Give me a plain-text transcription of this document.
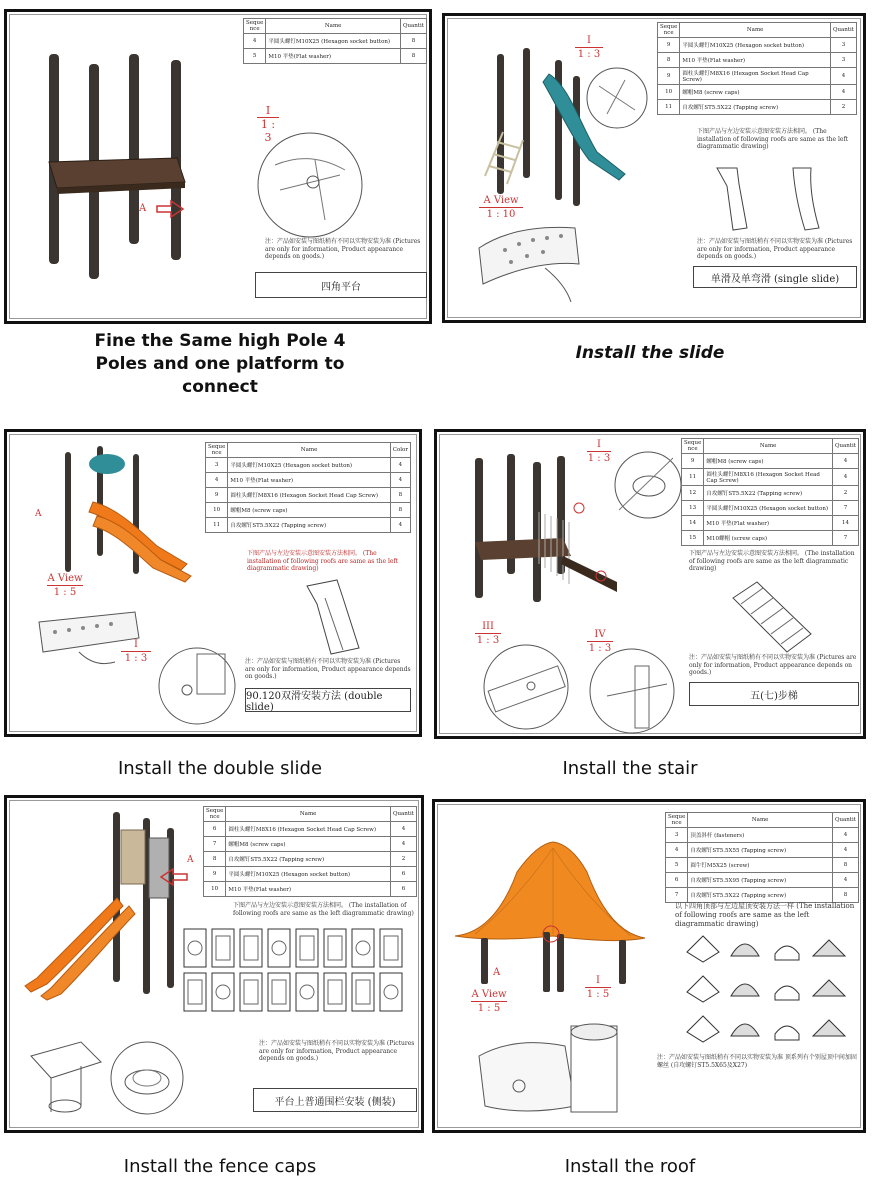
A
Seque nce	Name	Quantit
4	平圆头螺钉M10X25 (Hexagon socket button)	8
5	M10 平垫(Flat washer)	8
I
1 : 3
注：产品如安装与图纸稍有不同以实物安装为准 (Pictures are only for information, Product appearance depends on goods.)
四角平台
Fine the Same high Pole 4 Poles and one platform to connect
I
1 : 3
A View
1 : 10
Seque nce	Name	Quantit
9	平圆头螺钉M10X25 (Hexagon socket button)	3
8	M10 平垫(Flat washer)	3
9	圆柱头螺钉M8X16 (Hexagon Socket Head Cap Screw)	4
10	螺帽M8 (screw caps)	4
11	自攻螺钉ST5.5X22 (Tapping screw)	2
下图产品与左边安装示意图安装方法相同。 (The installation of following roofs are same as the left diagrammatic drawing)
注：产品如安装与图纸稍有不同以实物安装为准 (Pictures are only for information, Product appearance depends on goods.)
单滑及单弯滑 (single slide)
Install the slide
A
Seque nce	Name	Color
3	平圆头螺钉M10X25 (Hexagon socket button)	4
4	M10 平垫(Flat washer)	4
9	圆柱头螺钉M8X16 (Hexagon Socket Head Cap Screw)	8
10	螺帽M8 (screw caps)	8
11	自攻螺钉ST5.5X22 (Tapping screw)	4
下图产品与左边安装示意图安装方法相同。 (The installation of following roofs are same as the left diagrammatic drawing)
A View
1 : 5
I
1 : 3	注：产品如安装与图纸稍有不同以实物安装为准 (Pictures are only for information, Product appearance depends on goods.)
90.120双滑安装方法 (double slide)
Install the double slide
I
1 : 3
Seque nce	Name	Quantit
9	螺帽M8 (screw caps)	4
11	圆柱头螺钉M8X16 (Hexagon Socket Head Cap Screw)	4
12	自攻螺钉ST5.5X22 (Tapping screw)	2
13	平圆头螺钉M10X25 (Hexagon socket button)	7
14	M10 平垫(Flat washer)	14
15	M10螺帽 (screw caps)	7
下图产品与左边安装示意图安装方法相同。 (The installation of following roofs are same as the left diagrammatic drawing)
III
1 : 3
IV
1 : 3
注：产品如安装与图纸稍有不同以实物安装为准 (Pictures are only for information, Product appearance depends on goods.)
五(七)步梯
Install the stair
A
Seque nce	Name	Quantit
6	圆柱头螺钉M8X16 (Hexagon Socket Head Cap Screw)	4
7	螺帽M8 (screw caps)	4
8	自攻螺钉ST5.5X22 (Tapping screw)	2
9	平圆头螺钉M10X25 (Hexagon socket button)	6
10	M10 平垫(Flat washer)	6
下图产品与左边安装示意图安装方法相同。 (The installation of following roofs are same as the left diagrammatic drawing)
注：产品如安装与图纸稍有不同以实物安装为准 (Pictures are only for information, Product appearance depends on goods.)
平台上普通围栏安装 (侧装)
Install the fence caps
A
A View
1 : 5
I
1 : 5
Seque nce	Name	Quantit
3	顶盖斜杆 (fasteners)	4
4	自攻螺钉ST5.5X55 (Tapping screw)	4
5	圆牛钉M5X25 (screw)	8
6	自攻螺钉ST5.5X95 (Tapping screw)	4
7	自攻螺钉ST5.5X22 (Tapping screw)	8
以下四角顶部与左边屋顶安装方法一样 (The installation of following roofs are same as the left diagrammatic drawing)
注：产品如安装与图纸稍有不同以实物安装为准 顶系列有个别屋顶中间加固螺丝 (自攻螺钉ST5.5X65及X27)
Install the roof
